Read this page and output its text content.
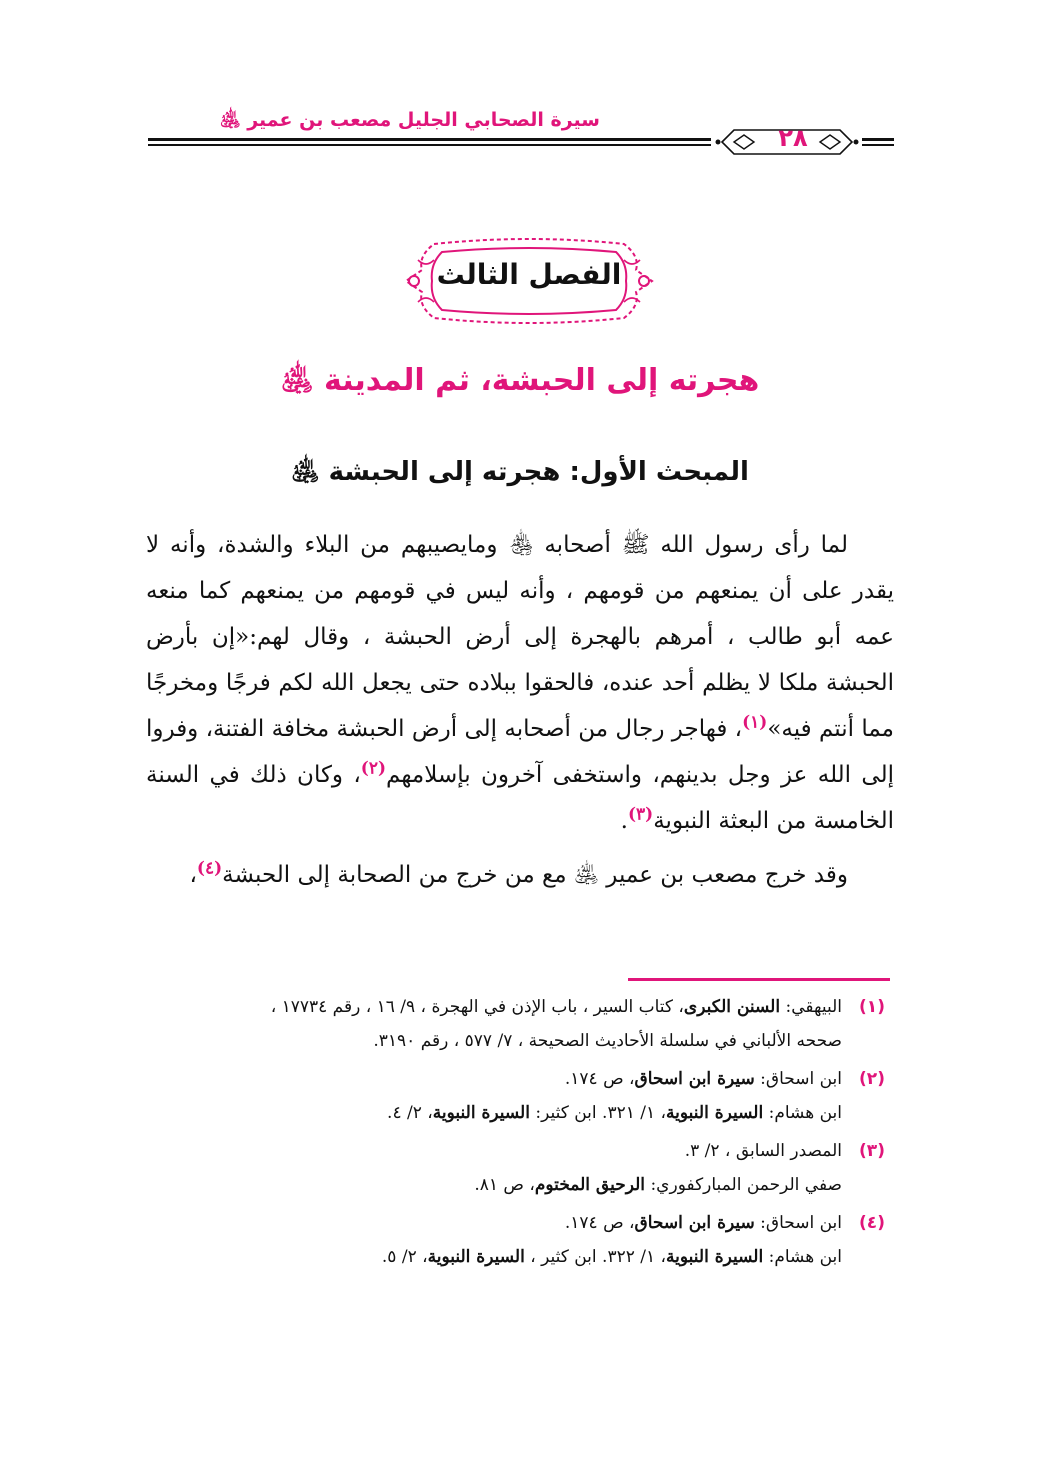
سيرة الصحابي الجليل مصعب بن عمير ﵁
٢٨
الفصل الثالث
هجرته إلى الحبشة، ثم المدينة ﵁
المبحث الأول: هجرته إلى الحبشة ﵁

لما رأى رسول الله ﷺ أصحابه ﵃ ومايصيبهم من البلاء والشدة، وأنه لا يقدر على أن يمنعهم من قومهم ، وأنه ليس في قومهم من يمنعهم كما منعه عمه أبو طالب ، أمرهم بالهجرة إلى أرض الحبشة ، وقال لهم:«إن بأرض الحبشة ملكا لا يظلم أحد عنده، فالحقوا ببلاده حتى يجعل الله لكم فرجًا ومخرجًا مما أنتم فيه»$^{(١)}$، فهاجر رجال من أصحابه إلى أرض الحبشة مخافة الفتنة، وفروا إلى الله عز وجل بدينهم، واستخفى آخرون بإسلامهم$^{(٢)}$، وكان ذلك في السنة الخامسة من البعثة النبوية$^{(٣)}$.

وقد خرج مصعب بن عمير ﵁ مع من خرج من الصحابة إلى الحبشة$^{(٤)}$،

(١)
البيهقي: السنن الكبرى، كتاب السير ، باب الإذن في الهجرة ، ٩/ ١٦ ، رقم ١٧٧٣٤ ،
صححه الألباني في سلسلة الأحاديث الصحيحة ، ٧/ ٥٧٧ ، رقم ٣١٩٠.
(٢)
ابن اسحاق: سيرة ابن اسحاق، ص ١٧٤.
ابن هشام: السيرة النبوية، ١/ ٣٢١. ابن كثير: السيرة النبوية، ٢/ ٤.
(٣)
المصدر السابق ، ٢/ ٣.
صفي الرحمن المباركفوري: الرحيق المختوم، ص ٨١.
(٤)
ابن اسحاق: سيرة ابن اسحاق، ص ١٧٤.
ابن هشام: السيرة النبوية، ١/ ٣٢٢. ابن كثير ، السيرة النبوية، ٢/ ٥.
